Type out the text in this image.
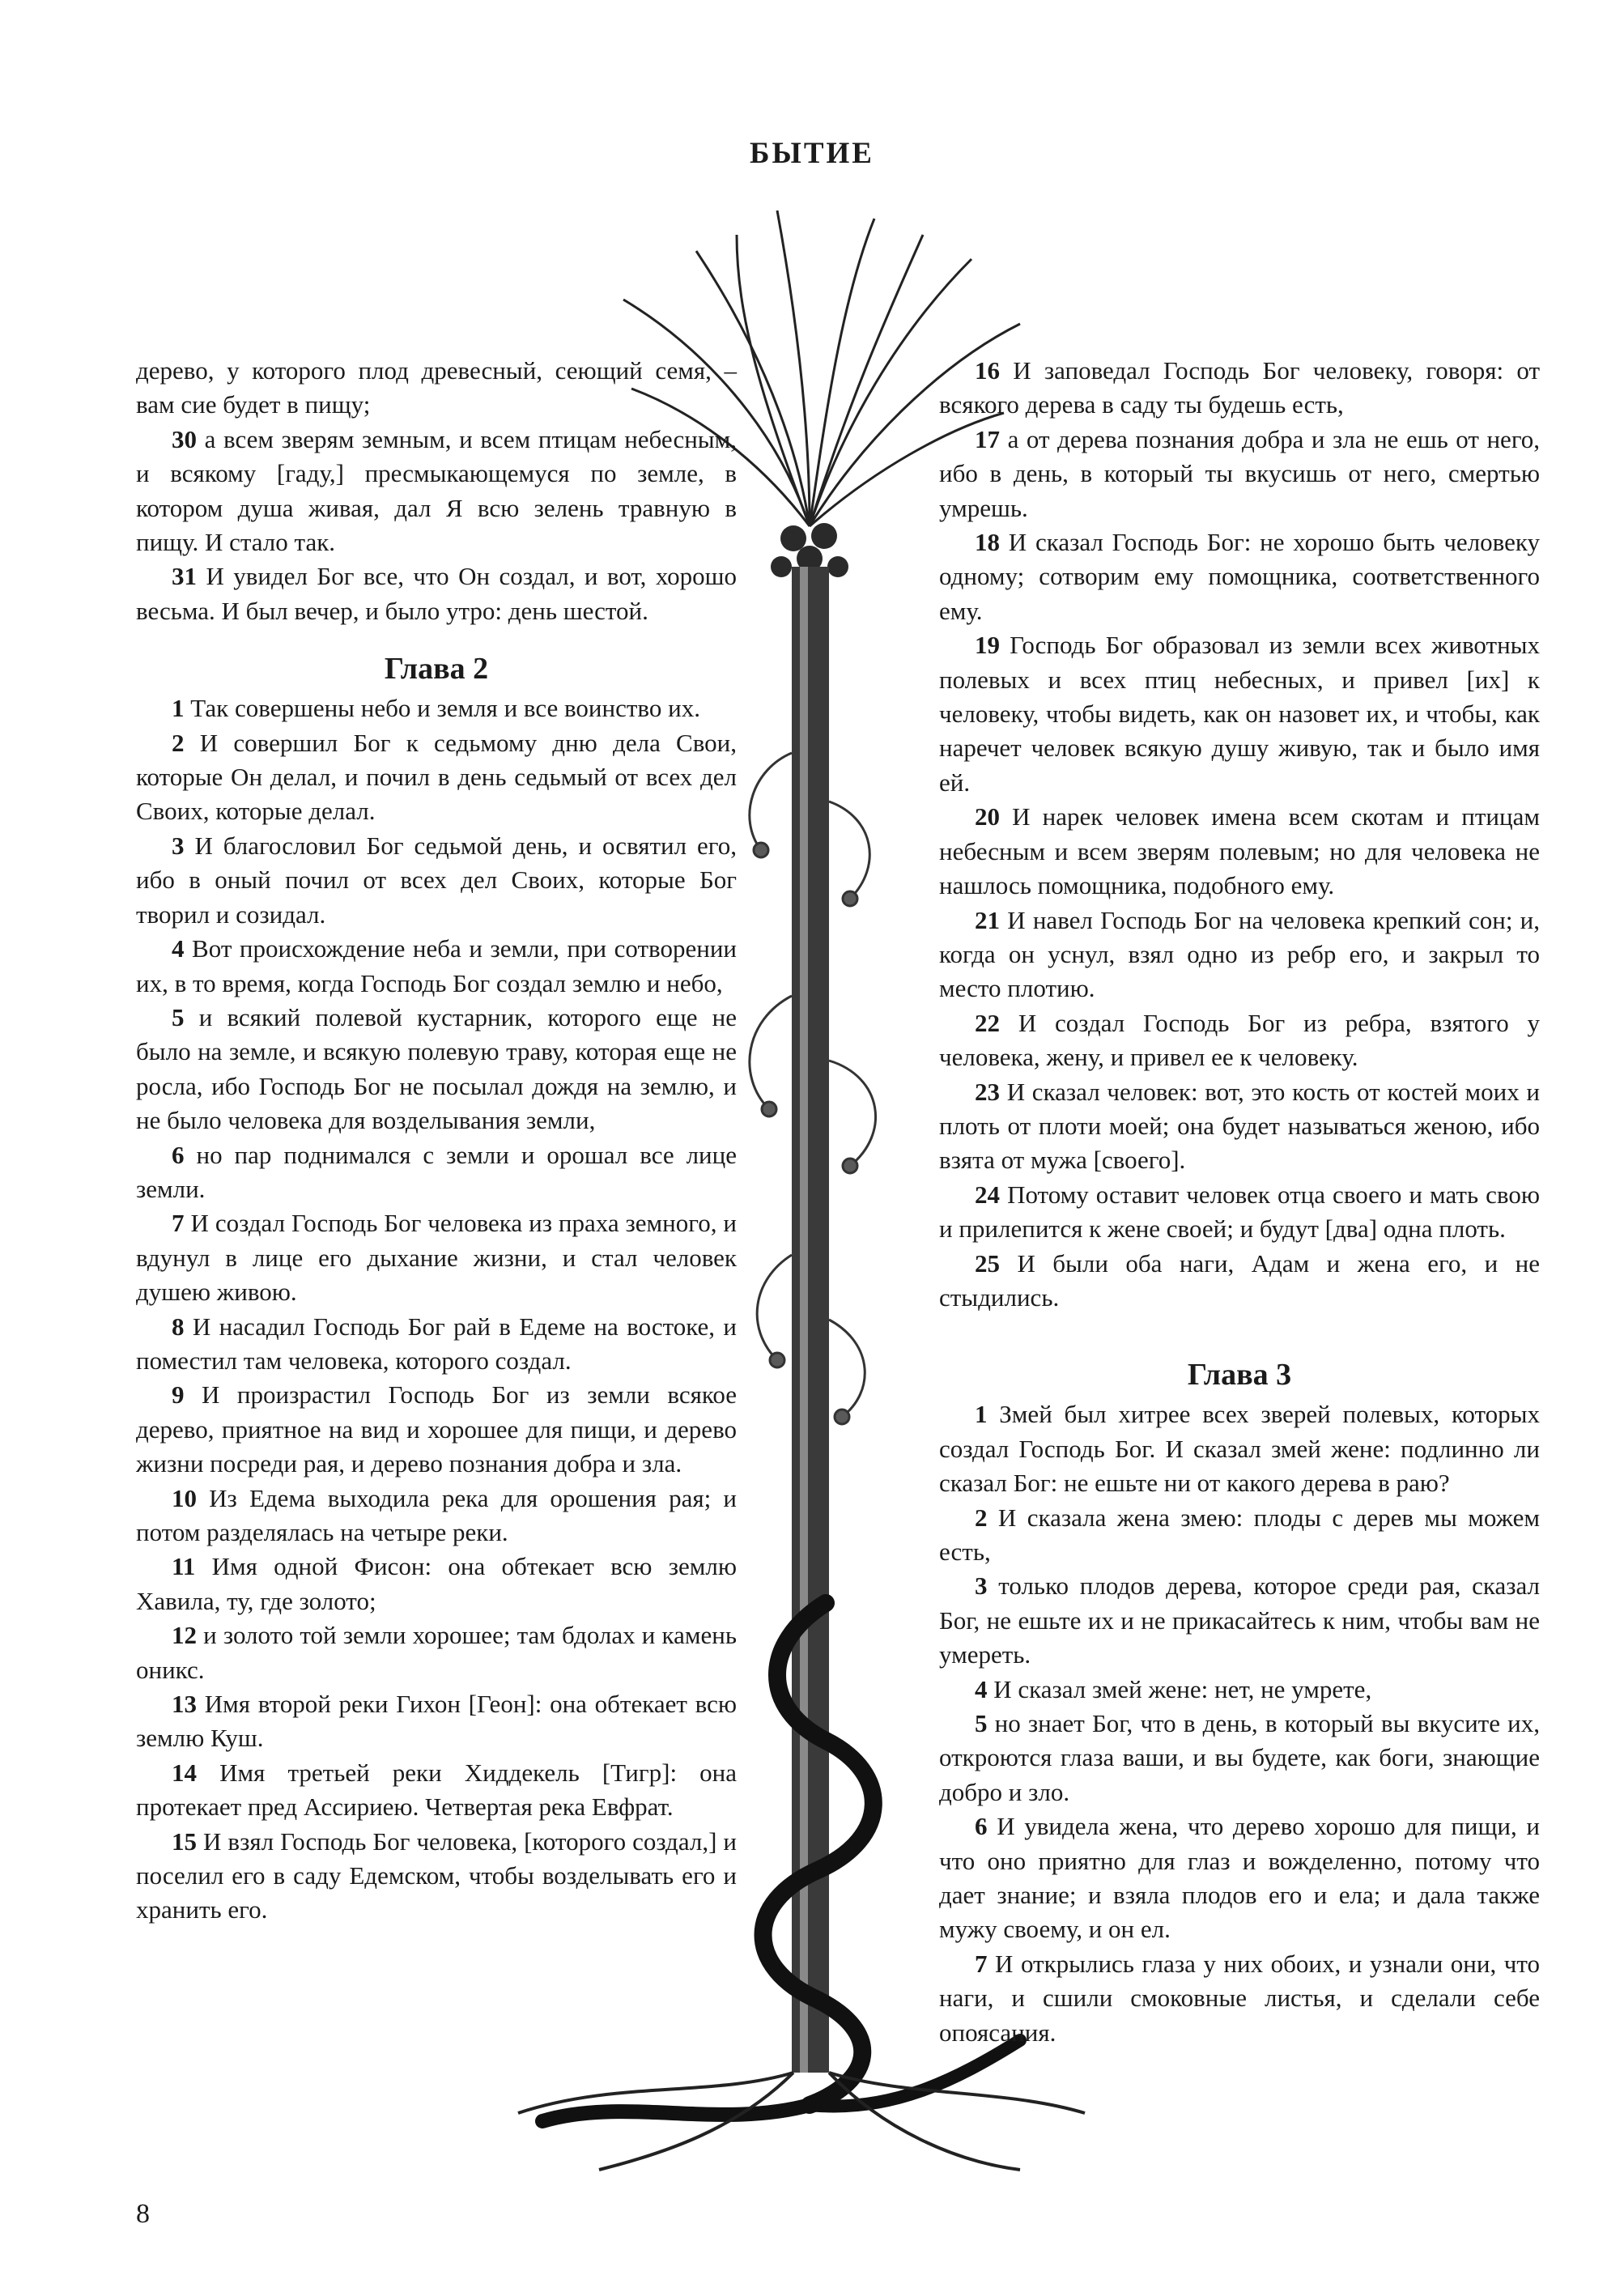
БЫТИЕ

дерево, у которого плод древесный, сеющий семя, – вам сие будет в пищу;

30 а всем зверям земным, и всем птицам небесным, и всякому [гаду,] пресмыкающемуся по земле, в котором душа живая, дал Я всю зелень травную в пищу. И стало так.

31 И увидел Бог все, что Он создал, и вот, хорошо весьма. И был вечер, и было утро: день шестой.

Глава 2

1 Так совершены небо и земля и все воинство их.

2 И совершил Бог к седьмому дню дела Свои, которые Он делал, и почил в день седьмый от всех дел Своих, которые делал.

3 И благословил Бог седьмой день, и освятил его, ибо в оный почил от всех дел Своих, которые Бог творил и созидал.

4 Вот происхождение неба и земли, при сотворении их, в то время, когда Господь Бог создал землю и небо,

5 и всякий полевой кустарник, которого еще не было на земле, и всякую полевую траву, которая еще не росла, ибо Господь Бог не посылал дождя на землю, и не было человека для возделывания земли,

6 но пар поднимался с земли и орошал все лице земли.

7 И создал Господь Бог человека из праха земного, и вдунул в лице его дыхание жизни, и стал человек душею живою.

8 И насадил Господь Бог рай в Едеме на востоке, и поместил там человека, которого создал.

9 И произрастил Господь Бог из земли всякое дерево, приятное на вид и хорошее для пищи, и дерево жизни посреди рая, и дерево познания добра и зла.

10 Из Едема выходила река для орошения рая; и потом разделялась на четыре реки.

11 Имя одной Фисон: она обтекает всю землю Хавила, ту, где золото;

12 и золото той земли хорошее; там бдолах и камень оникс.

13 Имя второй реки Гихон [Геон]: она обтекает всю землю Куш.

14 Имя третьей реки Хиддекель [Тигр]: она протекает пред Ассириею. Четвертая река Евфрат.

15 И взял Господь Бог человека, [которого создал,] и поселил его в саду Едемском, чтобы возделывать его и хранить его.

16 И заповедал Господь Бог человеку, говоря: от всякого дерева в саду ты будешь есть,

17 а от дерева познания добра и зла не ешь от него, ибо в день, в который ты вкусишь от него, смертью умрешь.

18 И сказал Господь Бог: не хорошо быть человеку одному; сотворим ему помощника, соответственного ему.

19 Господь Бог образовал из земли всех животных полевых и всех птиц небесных, и привел [их] к человеку, чтобы видеть, как он назовет их, и чтобы, как наречет человек всякую душу живую, так и было имя ей.

20 И нарек человек имена всем скотам и птицам небесным и всем зверям полевым; но для человека не нашлось помощника, подобного ему.

21 И навел Господь Бог на человека крепкий сон; и, когда он уснул, взял одно из ребр его, и закрыл то место плотию.

22 И создал Господь Бог из ребра, взятого у человека, жену, и привел ее к человеку.

23 И сказал человек: вот, это кость от костей моих и плоть от плоти моей; она будет называться женою, ибо взята от мужа [своего].

24 Потому оставит человек отца своего и мать свою и прилепится к жене своей; и будут [два] одна плоть.

25 И были оба наги, Адам и жена его, и не стыдились.

Глава 3

1 Змей был хитрее всех зверей полевых, которых создал Господь Бог. И сказал змей жене: подлинно ли сказал Бог: не ешьте ни от какого дерева в раю?

2 И сказала жена змею: плоды с дерев мы можем есть,

3 только плодов дерева, которое среди рая, сказал Бог, не ешьте их и не прикасайтесь к ним, чтобы вам не умереть.

4 И сказал змей жене: нет, не умрете,

5 но знает Бог, что в день, в который вы вкусите их, откроются глаза ваши, и вы будете, как боги, знающие добро и зло.

6 И увидела жена, что дерево хорошо для пищи, и что оно приятно для глаз и вожделенно, потому что дает знание; и взяла плодов его и ела; и дала также мужу своему, и он ел.

7 И открылись глаза у них обоих, и узнали они, что наги, и сшили смоковные листья, и сделали себе опоясания.

8
